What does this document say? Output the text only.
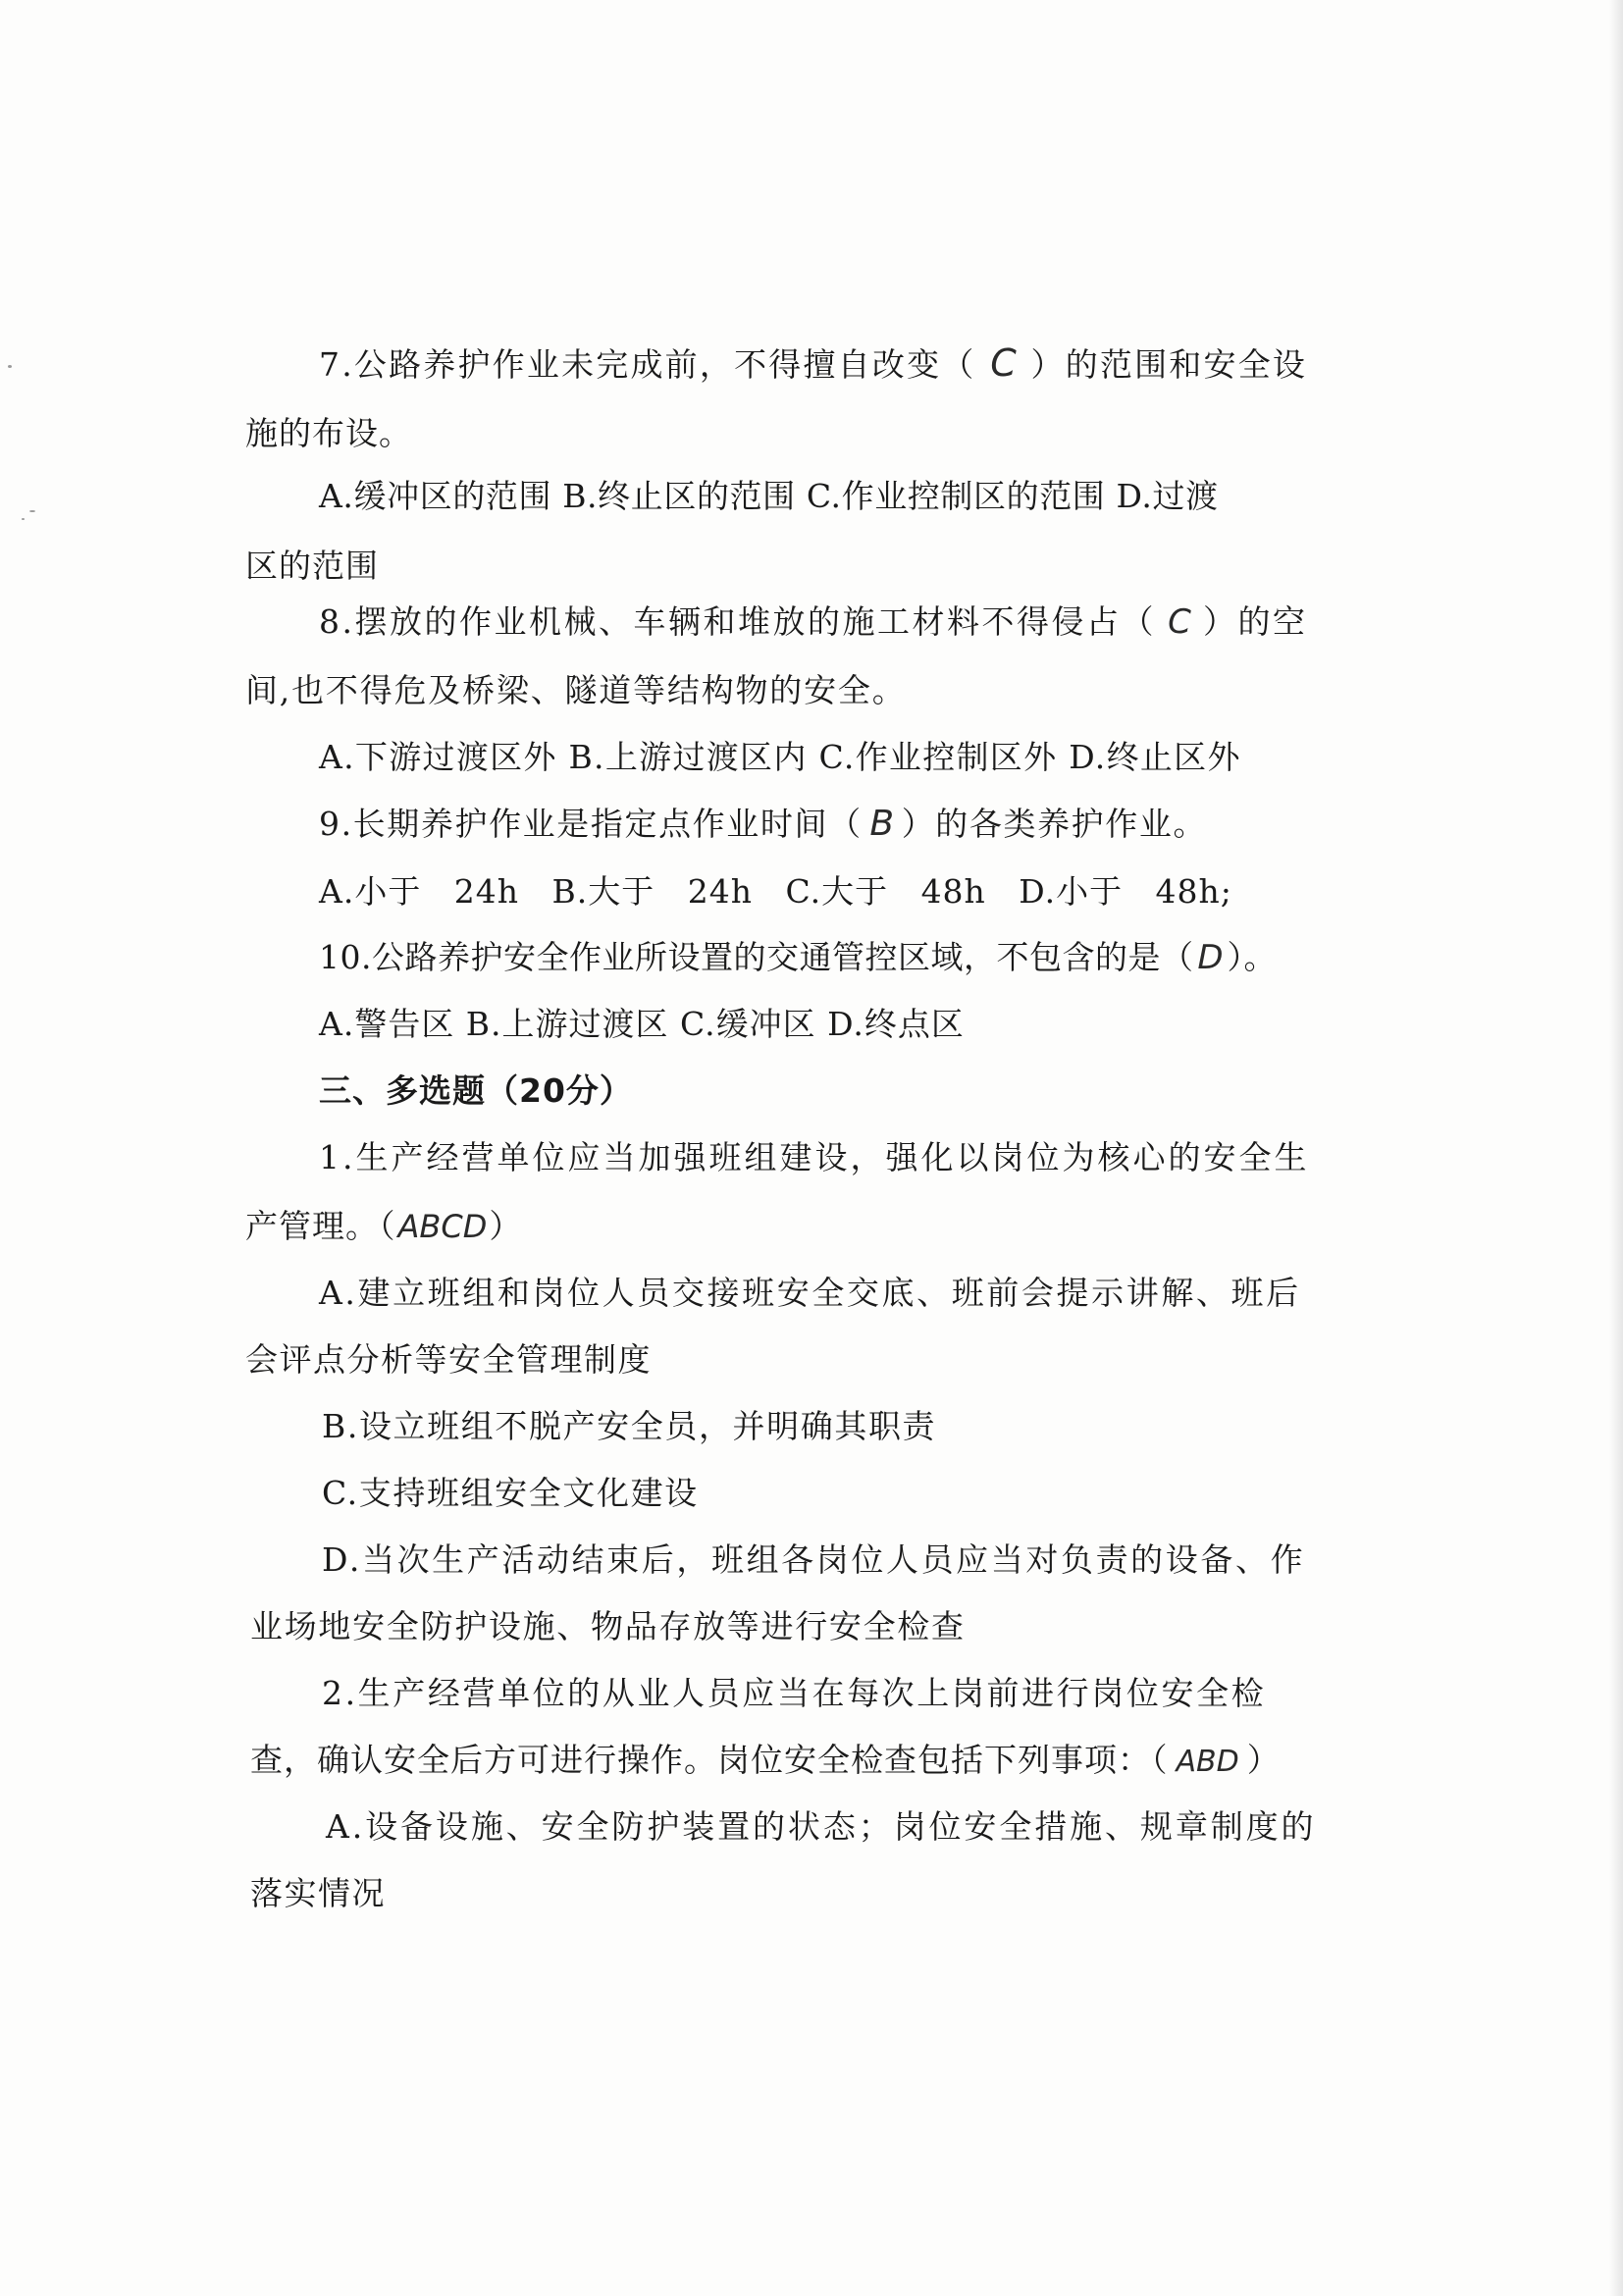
7.公路养护作业未完成前，不得擅自改变（ C ）的范围和安全设
施的布设。
A.缓冲区的范围 B.终止区的范围 C.作业控制区的范围 D.过渡
区的范围
8.摆放的作业机械、车辆和堆放的施工材料不得侵占（ C ）的空
间,也不得危及桥梁、隧道等结构物的安全。
A.下游过渡区外 B.上游过渡区内 C.作业控制区外 D.终止区外
9.长期养护作业是指定点作业时间（ B ）的各类养护作业。
A.小于 24h B.大于 24h C.大于 48h D.小于 48h;
10.公路养护安全作业所设置的交通管控区域，不包含的是（ D ）。
A.警告区 B.上游过渡区 C.缓冲区 D.终点区
三、多选题（20分）
1.生产经营单位应当加强班组建设，强化以岗位为核心的安全生
产管理。（ABCD）
A.建立班组和岗位人员交接班安全交底、班前会提示讲解、班后
会评点分析等安全管理制度
B.设立班组不脱产安全员，并明确其职责
C.支持班组安全文化建设
D.当次生产活动结束后，班组各岗位人员应当对负责的设备、作
业场地安全防护设施、物品存放等进行安全检查
2.生产经营单位的从业人员应当在每次上岗前进行岗位安全检
查，确认安全后方可进行操作。岗位安全检查包括下列事项：（ ABD ）
A.设备设施、安全防护装置的状态；岗位安全措施、规章制度的
落实情况
